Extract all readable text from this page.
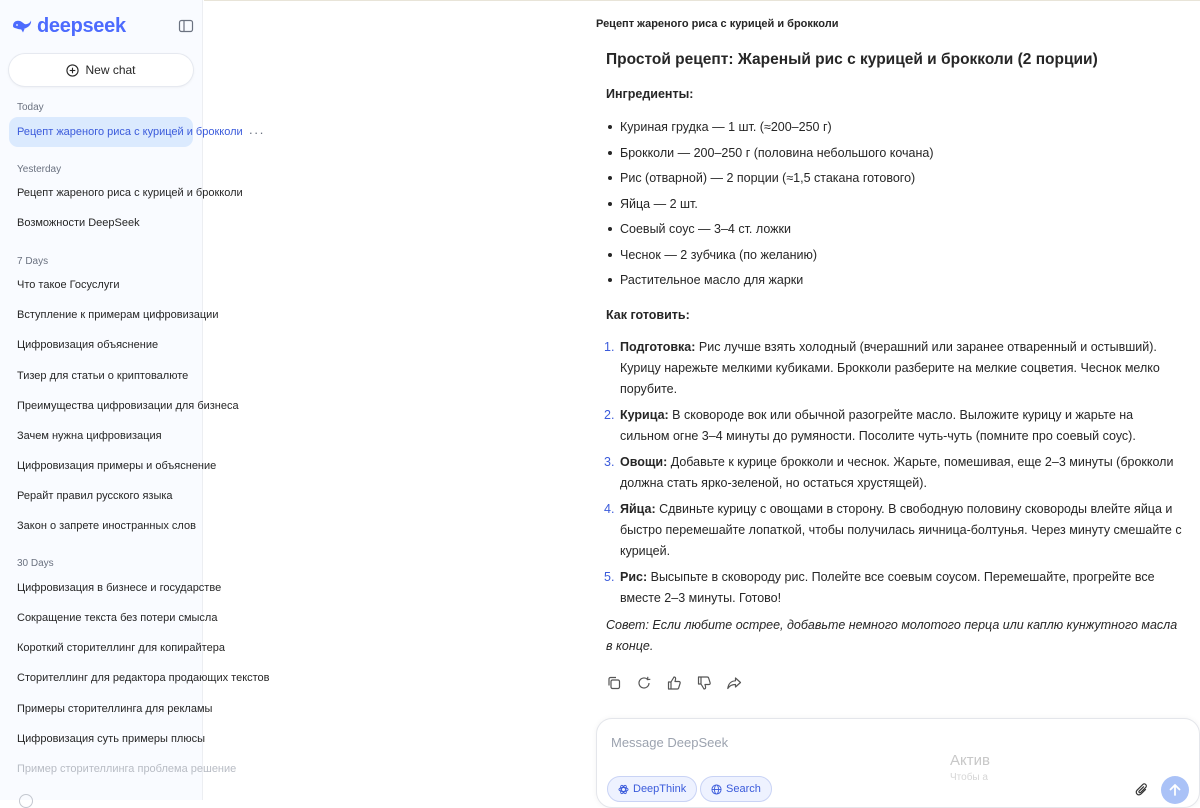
deepseek
New chat
Today
Рецепт жареного риса с курицей и брокколи ···
Yesterday
Рецепт жареного риса с курицей и брокколи
Возможности DeepSeek
7 Days
Что такое Госуслуги
Вступление к примерам цифровизации
Цифровизация объяснение
Тизер для статьи о криптовалюте
Преимущества цифровизации для бизнеса
Зачем нужна цифровизация
Цифровизация примеры и объяснение
Рерайт правил русского языка
Закон о запрете иностранных слов
30 Days
Цифровизация в бизнесе и государстве
Сокращение текста без потери смысла
Короткий сторителлинг для копирайтера
Сторителлинг для редактора продающих текстов
Примеры сторителлинга для рекламы
Цифровизация суть примеры плюсы
Пример сторителлинга проблема решение
Рецепт жареного риса с курицей и брокколи
Простой рецепт: Жареный рис с курицей и брокколи (2 порции)
Ингредиенты:
Куриная грудка — 1 шт. (≈200–250 г)
Брокколи — 200–250 г (половина небольшого кочана)
Рис (отварной) — 2 порции (≈1,5 стакана готового)
Яйца — 2 шт.
Соевый соус — 3–4 ст. ложки
Чеснок — 2 зубчика (по желанию)
Растительное масло для жарки
Как готовить:
1. Подготовка: Рис лучше взять холодный (вчерашний или заранее отваренный и остывший). Курицу нарежьте мелкими кубиками. Брокколи разберите на мелкие соцветия. Чеснок мелко порубите.
2. Курица: В сковороде вок или обычной разогрейте масло. Выложите курицу и жарьте на сильном огне 3–4 минуты до румяности. Посолите чуть-чуть (помните про соевый соус).
3. Овощи: Добавьте к курице брокколи и чеснок. Жарьте, помешивая, еще 2–3 минуты (брокколи должна стать ярко-зеленой, но остаться хрустящей).
4. Яйца: Сдвиньте курицу с овощами в сторону. В свободную половину сковороды влейте яйца и быстро перемешайте лопаткой, чтобы получилась яичница-болтунья. Через минуту смешайте с курицей.
5. Рис: Высыпьте в сковороду рис. Полейте все соевым соусом. Перемешайте, прогрейте все вместе 2–3 минуты. Готово!
Совет: Если любите острее, добавьте немного молотого перца или каплю кунжутного масла в конце.
Message DeepSeek
DeepThink	Search
Актив
Чтобы а
